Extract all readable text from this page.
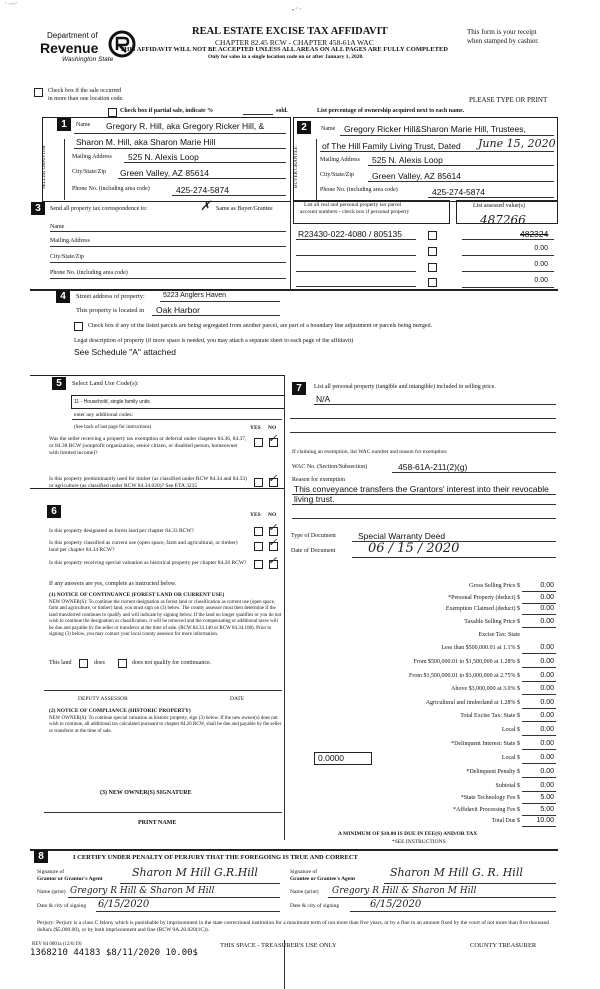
‘ ~~’
• ˜ ’
Department of
Revenue
Washington State
REAL ESTATE EXCISE TAX AFFIDAVIT
CHAPTER 82.45 RCW - CHAPTER 458-61A WAC
THIS AFFIDAVIT WILL NOT BE ACCEPTED UNLESS ALL AREAS ON ALL PAGES ARE FULLY COMPLETED
Only for sales in a single location code on or after January 1, 2020.
This form is your receipt
when stamped by cashier.
Check box if the sale occurred
in more than one location code.
Check box if partial sale, indicate %	sold.	List percentage of ownership acquired next to each name.
PLEASE TYPE OR PRINT
1	2
SELLER GRANTOR
Name Gregory R. Hill, aka Gregory Ricker Hill, &
Sharon M. Hill, aka Sharon Marie Hill
Mailing Address 525 N. Alexis Loop
City/State/Zip Green Valley, AZ 85614
Phone No. (including area code)	425-274-5874
BUYER GRANTEE
Name Gregory Ricker Hill&Sharon Marie Hill, Trustees,
of The Hill Family Living Trust, Dated June 15, 2020
Mailing Address 525 N. Alexis Loop
City/State/Zip Green Valley, AZ 85614
Phone No. (including area code)	425-274-5874
3	Send all property tax correspondence to:	✗ Same as Buyer/Grantee
Name
Mailing Address
City/State/Zip
Phone No. (including area code)
List all real and personal property tax parcel
account numbers - check box if personal property
List assessed value(s)
487266
R23430-022-4080 / 805135	482324
0.00
0.00
0.00
4	Street address of property:	5223 Anglers Haven
This property is located in Oak Harbor
Check box if any of the listed parcels are being segregated from another parcel, are part of a boundary line adjustment or parcels being merged.
Legal description of property (if more space is needed, you may attach a separate sheet to each page of the affidavit)
See Schedule "A" attached
5	Select Land Use Code(s):
11 - Household, single family units
enter any additional codes:
(See back of last page for instructions)	YES NO
Was the seller receiving a property tax exemption or deferral under chapters 84.36, 84.37, or 84.38 RCW (nonprofit organization, senior citizen, or disabled person, homeowner with limited income)?
✓
Is this property predominantly used for timber (as classified under RCW 84.34 and 84.33) or agriculture (as classified under RCW 84.34.020)? See ETA 3215
✓
6	YES NO
Is this property designated as forest land per chapter 84.33 RCW?	✓
Is this property classified as current use (open space, farm and agricultural, or timber) land per chapter 84.34 RCW?
✓
Is this property receiving special valuation as historical property per chapter 84.26 RCW? ✓
If any answers are yes, complete as instructed below.
(1) NOTICE OF CONTINUANCE (FOREST LAND OR CURRENT USE)
NEW OWNER(S): To continue the current designation as forest land or classification as current use (open space, farm and agriculture, or timber) land, you must sign on (3) below. The county assessor must then determine if the land transferred continues to qualify and will indicate by signing below. If the land no longer qualifies or you do not wish to continue the designation or classification, it will be removed and the compensating or additional taxes will be due and payable by the seller or transferor at the time of sale. (RCW 84.33.140 or RCW 84.34.108). Prior to signing (3) below, you may contact your local county assessor for more information.
This land	does	does not qualify for continuance.
DEPUTY ASSESSOR	DATE
(2) NOTICE OF COMPLIANCE (HISTORIC PROPERTY)
NEW OWNER(S): To continue special valuation as historic property, sign (3) below. If the new owner(s) does not wish to continue, all additional tax calculated pursuant to chapter 84.26 RCW, shall be due and payable by the seller or transferor at the time of sale.
(3) NEW OWNER(S) SIGNATURE
PRINT NAME
7	List all personal property (tangible and intangible) included in selling price.
N/A
If claiming an exemption, list WAC number and reason for exemption:
WAC No. (Section/Subsection)	458-61A-211(2)(g)
Reason for exemption
This conveyance transfers the Grantors' interest into their revocable
living trust.
Type of Document	Special Warranty Deed
Date of Document	06 / 15 / 2020
Gross Selling Price $	0.00
*Personal Property (deduct) $	0.00
Exemption Claimed (deduct) $	0.00
Taxable Selling Price $	0.00
Excise Tax: State
Less than $500,000.01 at 1.1% $	0.00
From $500,000.01 to $1,500,000 at 1.28% $	0.00
From $1,500,000.01 to $3,000,000 at 2.75% $	0.00
Above $3,000,000 at 3.0% $	0.00
Agricultural and timberland at 1.28% $	0.00
Total Excise Tax: State $	0.00
Local $	0.00
*Delinquent Interest: State $	0.00
Local $	0.00
*Delinquent Penalty $	0.00
Subtotal $	0.00
*State Technology Fee $	5.00
*Affidavit Processing Fee $	5.00
Total Due $	10.00
0.0000
A MINIMUM OF $10.00 IS DUE IN FEE(S) AND/OR TAX
*SEE INSTRUCTIONS
8	I CERTIFY UNDER PENALTY OF PERJURY THAT THE FOREGOING IS TRUE AND CORRECT
Signature of
Grantor or Grantor's Agent	Sharon M Hill G.R.Hill
Name (print) Gregory R Hill & Sharon M Hill
Date & city of signing 6/15/2020
Signature of
Grantee or Grantee's Agent	Sharon M Hill G. R. Hill
Name (print) Gregory R Hill & Sharon M Hill
Date & city of signing	6/15/2020
Perjury: Perjury is a class C felony which is punishable by imprisonment in the state correctional institution for a maximum term of not more than five years, or by a fine in an amount fixed by the court of not more than five thousand dollars ($5,000.00), or by both imprisonment and fine (RCW 9A.20.020(1C)).
REV 84 0001a (12/6/19)
1368210 44183 $8/11/2020 10.00$
THIS SPACE - TREASURER'S USE ONLY	COUNTY TREASURER
